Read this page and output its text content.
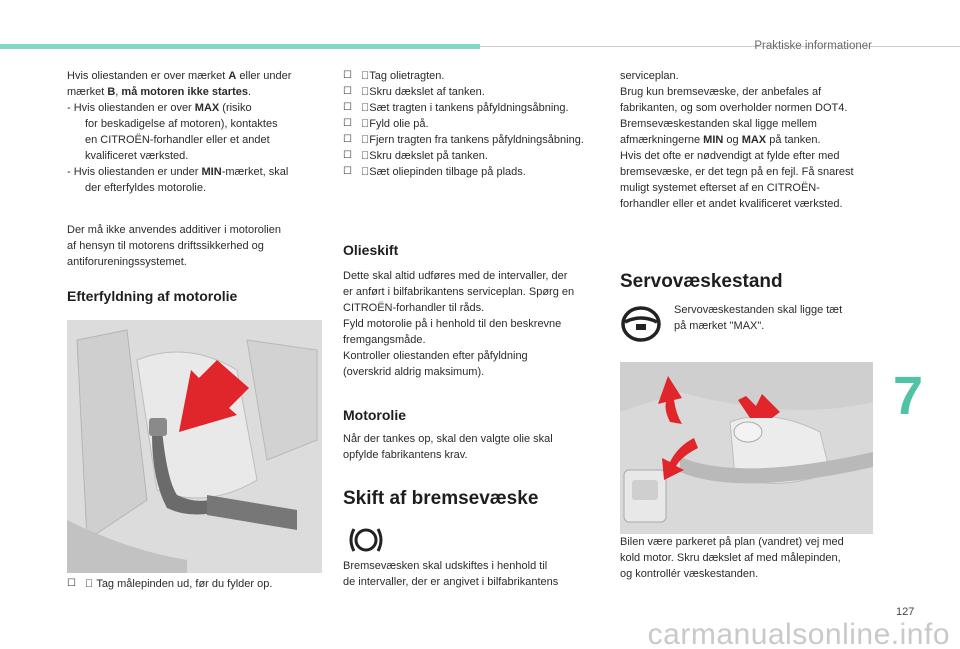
Praktiske informationer

Hvis oliestanden er over mærket A eller under
mærket B, må motoren ikke startes.

- Hvis oliestanden er over MAX (risiko
for beskadigelse af motoren), kontaktes
en CITROËN-forhandler eller et andet
kvalificeret værksted.

- Hvis oliestanden er under MIN-mærket, skal
der efterfyldes motorolie.

Der må ikke anvendes additiver i motorolien
af hensyn til motorens driftssikkerhed og
antiforureningssystemet.

Efterfyldning af motorolie

☐ Tag målepinden ud, før du fylder op.
☐ Tag olietragten.
☐ Skru dækslet af tanken.
☐ Sæt tragten i tankens påfyldningsåbning.
☐ Fyld olie på.
☐ Fjern tragten fra tankens påfyldningsåbning.
☐ Skru dækslet på tanken.
☐ Sæt oliepinden tilbage på plads.
Olieskift

Dette skal altid udføres med de intervaller, der
er anført i bilfabrikantens serviceplan. Spørg en
CITROËN-forhandler til råds.
Fyld motorolie på i henhold til den beskrevne
fremgangsmåde.
Kontroller oliestanden efter påfyldning
(overskrid aldrig maksimum).

Motorolie

Når der tankes op, skal den valgte olie skal
opfylde fabrikantens krav.

Skift af bremsevæske

Bremsevæsken skal udskiftes i henhold til
de intervaller, der er angivet i bilfabrikantens

serviceplan.
Brug kun bremsevæske, der anbefales af
fabrikanten, og som overholder normen DOT4.
Bremsevæskestanden skal ligge mellem
afmærkningerne MIN og MAX på tanken.
Hvis det ofte er nødvendigt at fylde efter med
bremsevæske, er det tegn på en fejl. Få snarest
muligt systemet efterset af en CITROËN-
forhandler eller et andet kvalificeret værksted.

Servovæskestand

Servovæskestanden skal ligge tæt
på mærket "MAX".

Bilen være parkeret på plan (vandret) vej med
kold motor. Skru dækslet af med målepinden,
og kontrollér væskestanden.

7
127
carmanualsonline.info
